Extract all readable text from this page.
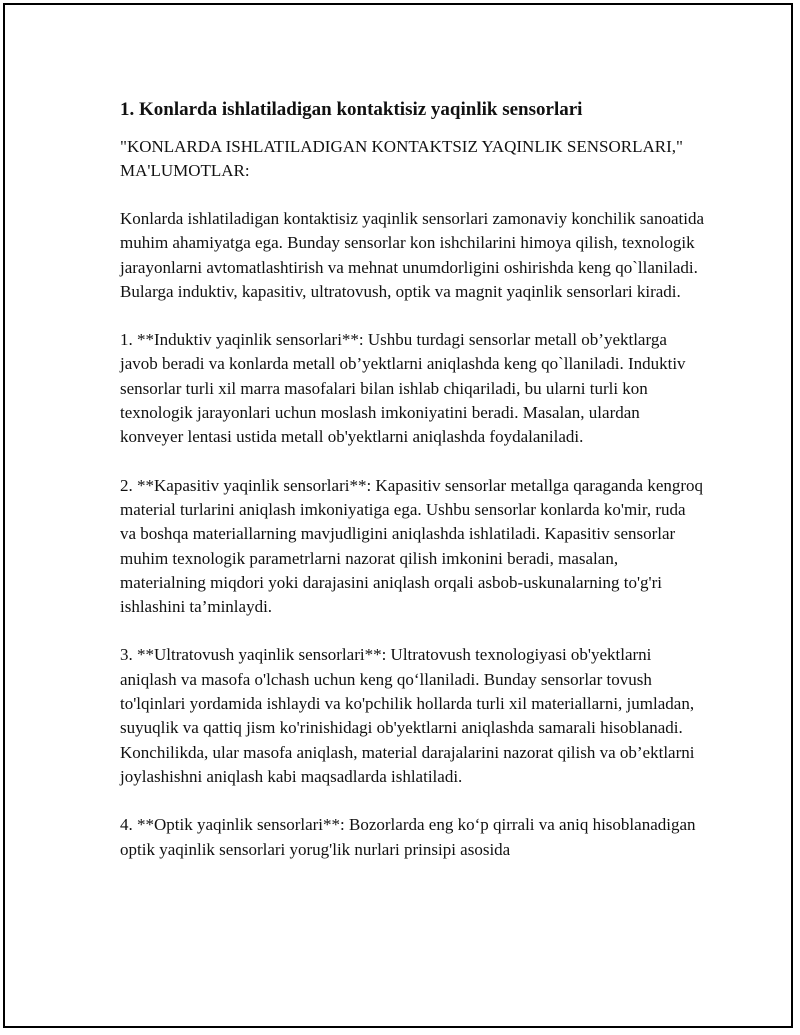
1. Konlarda ishlatiladigan kontaktisiz yaqinlik sensorlari

"KONLARDA ISHLATILADIGAN KONTAKTSIZ YAQINLIK SENSORLARI," MA'LUMOTLAR:

Konlarda ishlatiladigan kontaktisiz yaqinlik sensorlari zamonaviy konchilik sanoatida muhim ahamiyatga ega. Bunday sensorlar kon ishchilarini himoya qilish, texnologik jarayonlarni avtomatlashtirish va mehnat unumdorligini oshirishda keng qo`llaniladi. Bularga induktiv, kapasitiv, ultratovush, optik va magnit yaqinlik sensorlari kiradi.

1. **Induktiv yaqinlik sensorlari**: Ushbu turdagi sensorlar metall ob’yektlarga javob beradi va konlarda metall ob’yektlarni aniqlashda keng qo`llaniladi. Induktiv sensorlar turli xil marra masofalari bilan ishlab chiqariladi, bu ularni turli kon texnologik jarayonlari uchun moslash imkoniyatini beradi. Masalan, ulardan konveyer lentasi ustida metall ob'yektlarni aniqlashda foydalaniladi.

2. **Kapasitiv yaqinlik sensorlari**: Kapasitiv sensorlar metallga qaraganda kengroq material turlarini aniqlash imkoniyatiga ega. Ushbu sensorlar konlarda ko'mir, ruda va boshqa materiallarning mavjudligini aniqlashda ishlatiladi. Kapasitiv sensorlar muhim texnologik parametrlarni nazorat qilish imkonini beradi, masalan, materialning miqdori yoki darajasini aniqlash orqali asbob-uskunalarning to'g'ri ishlashini ta’minlaydi.

3. **Ultratovush yaqinlik sensorlari**: Ultratovush texnologiyasi ob'yektlarni aniqlash va masofa o'lchash uchun keng qo‘llaniladi. Bunday sensorlar tovush to'lqinlari yordamida ishlaydi va ko'pchilik hollarda turli xil materiallarni, jumladan, suyuqlik va qattiq jism ko'rinishidagi ob'yektlarni aniqlashda samarali hisoblanadi. Konchilikda, ular masofa aniqlash, material darajalarini nazorat qilish va ob’ektlarni joylashishni aniqlash kabi maqsadlarda ishlatiladi.

4. **Optik yaqinlik sensorlari**: Bozorlarda eng ko‘p qirrali va aniq hisoblanadigan optik yaqinlik sensorlari yorug'lik nurlari prinsipi asosida
